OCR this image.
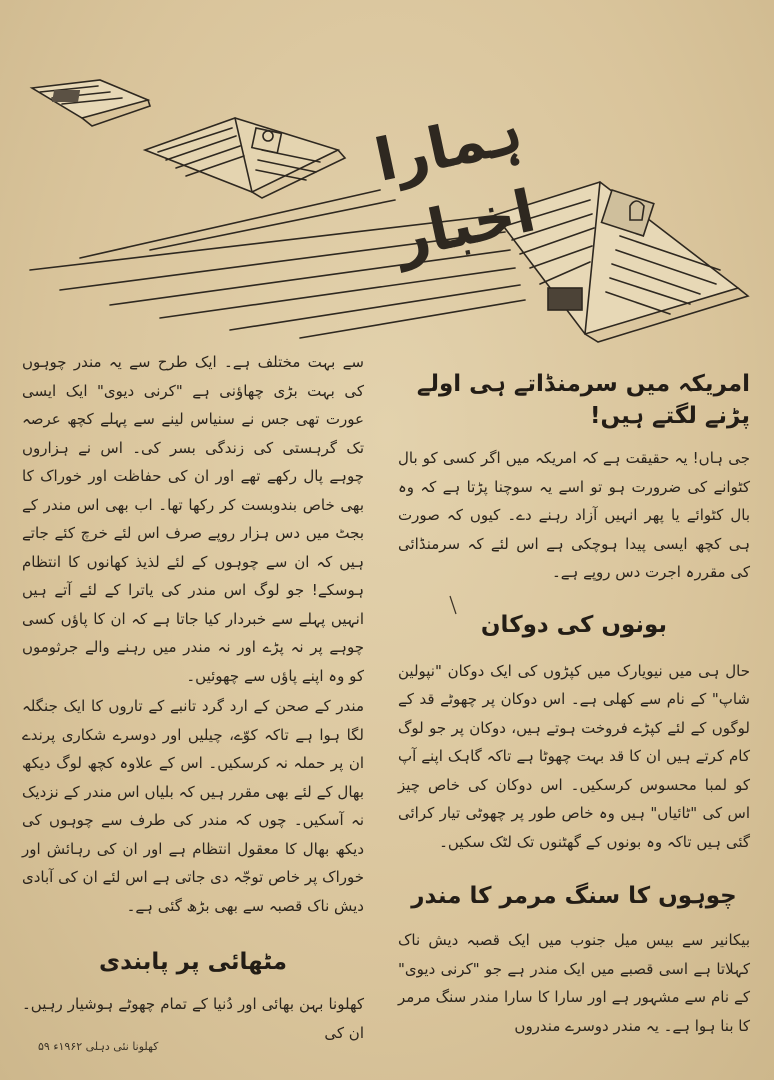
ہمارا اخبار
امریکہ میں سرمنڈاتے ہی اولے پڑنے لگتے ہیں!

جی ہاں! یہ حقیقت ہے کہ امریکہ میں اگر کسی کو بال کٹوانے کی ضرورت ہو تو اسے یہ سوچنا پڑتا ہے کہ وہ بال کٹوائے یا پھر انہیں آزاد رہنے دے۔ کیوں کہ صورت ہی کچھ ایسی پیدا ہوچکی ہے اس لئے کہ سرمنڈائی کی مقررہ اجرت دس روپے ہے۔

بونوں کی دوکان

حال ہی میں نیویارک میں کپڑوں کی ایک دوکان "نپولین شاپ" کے نام سے کھلی ہے۔ اس دوکان پر چھوٹے قد کے لوگوں کے لئے کپڑے فروخت ہوتے ہیں، دوکان پر جو لوگ کام کرتے ہیں ان کا قد بہت چھوٹا ہے تاکہ گاہک اپنے آپ کو لمبا محسوس کرسکیں۔ اس دوکان کی خاص چیز اس کی "ٹائیاں" ہیں وہ خاص طور پر چھوٹی تیار کرائی گئی ہیں تاکہ وہ بونوں کے گھٹنوں تک لٹک سکیں۔

چوہوں کا سنگ مرمر کا مندر

بیکانیر سے بیس میل جنوب میں ایک قصبہ دیش ناک کہلاتا ہے اسی قصبے میں ایک مندر ہے جو "کرنی دیوی" کے نام سے مشہور ہے اور سارا کا سارا مندر سنگ مرمر کا بنا ہوا ہے۔ یہ مندر دوسرے مندروں

سے بہت مختلف ہے۔ ایک طرح سے یہ مندر چوہوں کی بہت بڑی چھاؤنی ہے "کرنی دیوی" ایک ایسی عورت تھی جس نے سنیاس لینے سے پہلے کچھ عرصہ تک گرہستی کی زندگی بسر کی۔ اس نے ہزاروں چوہے پال رکھے تھے اور ان کی حفاظت اور خوراک کا بھی خاص بندوبست کر رکھا تھا۔ اب بھی اس مندر کے بجٹ میں دس ہزار روپے صرف اس لئے خرچ کئے جاتے ہیں کہ ان سے چوہوں کے لئے لذیذ کھانوں کا انتظام ہوسکے! جو لوگ اس مندر کی یاترا کے لئے آتے ہیں انہیں پہلے سے خبردار کیا جاتا ہے کہ ان کا پاؤں کسی چوہے پر نہ پڑے اور نہ مندر میں رہنے والے جرثوموں کو وہ اپنے پاؤں سے چھوئیں۔

مندر کے صحن کے ارد گرد تانبے کے تاروں کا ایک جنگلہ لگا ہوا ہے تاکہ کوّے، چیلیں اور دوسرے شکاری پرندے ان پر حملہ نہ کرسکیں۔ اس کے علاوہ کچھ لوگ دیکھ بھال کے لئے بھی مقرر ہیں کہ بلیاں اس مندر کے نزدیک نہ آسکیں۔ چوں کہ مندر کی طرف سے چوہوں کی دیکھ بھال کا معقول انتظام ہے اور ان کی رہائش اور خوراک پر خاص توجّہ دی جاتی ہے اس لئے ان کی آبادی دیش ناک قصبہ سے بھی بڑھ گئی ہے۔

مٹھائی پر پابندی

کھلونا بہن بھائی اور دُنیا کے تمام چھوٹے ہوشیار رہیں۔ ان کی

کھلونا نئی دہلی ۱۹۶۲ء ۵۹
